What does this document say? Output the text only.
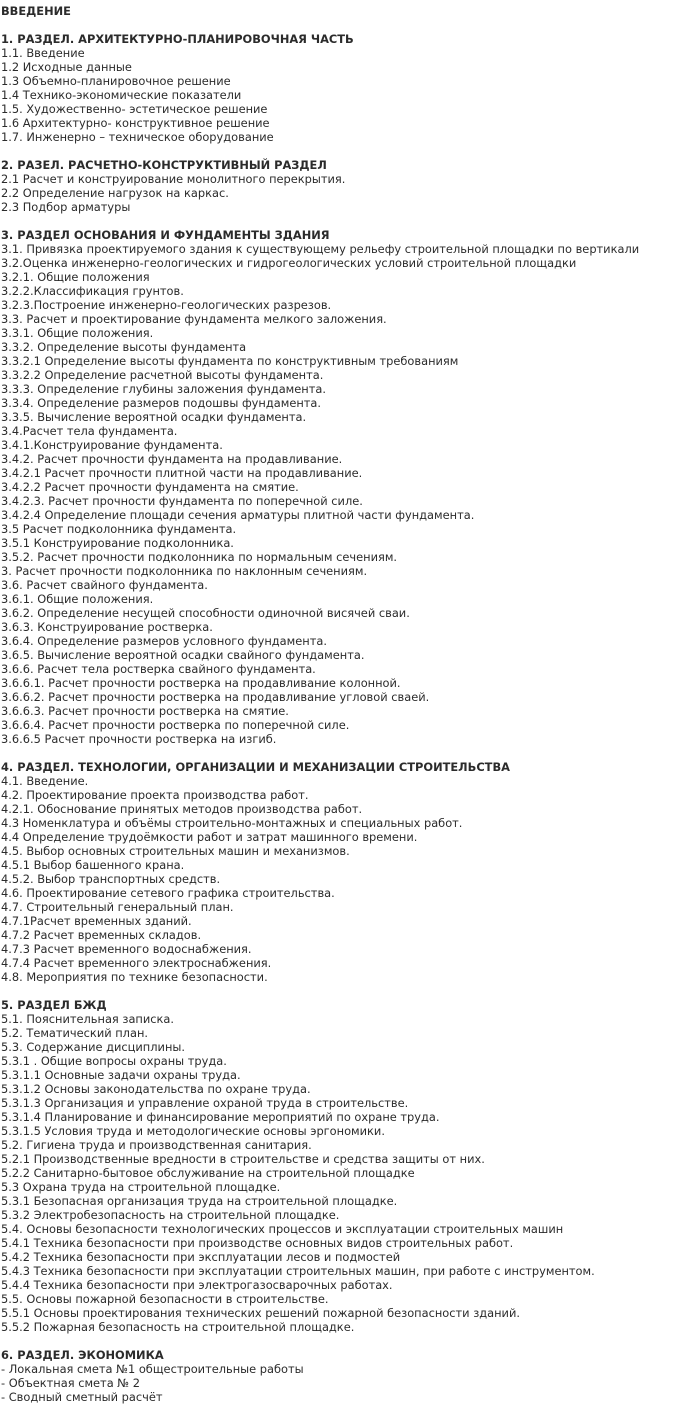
ВВЕДЕНИЕ
1. РАЗДЕЛ. АРХИТЕКТУРНО-ПЛАНИРОВОЧНАЯ ЧАСТЬ
1.1. Введение
1.2 Исходные данные
1.3 Объемно-планировочное решение
1.4 Технико-экономические показатели
1.5. Художественно- эстетическое решение
1.6 Архитектурно- конструктивное решение
1.7. Инженерно – техническое оборудование
2. РАЗЕЛ. РАСЧЕТНО-КОНСТРУКТИВНЫЙ РАЗДЕЛ
2.1 Расчет и конструирование монолитного перекрытия.
2.2 Определение нагрузок на каркас.
2.3 Подбор арматуры
3. РАЗДЕЛ ОСНОВАНИЯ И ФУНДАМЕНТЫ ЗДАНИЯ
3.1. Привязка проектируемого здания к существующему рельефу строительной площадки по вертикали
3.2.Оценка инженерно-геологических и гидрогеологических условий строительной площадки
3.2.1. Общие положения
3.2.2.Классификация грунтов.
3.2.3.Построение инженерно-геологических разрезов.
3.3. Расчет и проектирование фундамента мелкого заложения.
3.3.1. Общие положения.
3.3.2. Определение высоты фундамента
3.3.2.1 Определение высоты фундамента по конструктивным требованиям
3.3.2.2 Определение расчетной высоты фундамента.
3.3.3. Определение глубины заложения фундамента.
3.3.4. Определение размеров подошвы фундамента.
3.3.5. Вычисление вероятной осадки фундамента.
3.4.Расчет тела фундамента.
3.4.1.Конструирование фундамента.
3.4.2. Расчет прочности фундамента на продавливание.
3.4.2.1 Расчет прочности плитной части на продавливание.
3.4.2.2 Расчет прочности фундамента на смятие.
3.4.2.3. Расчет прочности фундамента по поперечной силе.
3.4.2.4 Определение площади сечения арматуры плитной части фундамента.
3.5 Расчет подколонника фундамента.
3.5.1 Конструирование подколонника.
3.5.2. Расчет прочности подколонника по нормальным сечениям.
3. Расчет прочности подколонника по наклонным сечениям.
3.6. Расчет свайного фундамента.
3.6.1. Общие положения.
3.6.2. Определение несущей способности одиночной висячей сваи.
3.6.3. Конструирование ростверка.
3.6.4. Определение размеров условного фундамента.
3.6.5. Вычисление вероятной осадки свайного фундамента.
3.6.6. Расчет тела ростверка свайного фундамента.
3.6.6.1. Расчет прочности ростверка на продавливание колонной.
3.6.6.2. Расчет прочности ростверка на продавливание угловой сваей.
3.6.6.3. Расчет прочности ростверка на смятие.
3.6.6.4. Расчет прочности ростверка по поперечной силе.
3.6.6.5 Расчет прочности ростверка на изгиб.
4. РАЗДЕЛ. ТЕХНОЛОГИИ, ОРГАНИЗАЦИИ И МЕХАНИЗАЦИИ СТРОИТЕЛЬСТВА
4.1. Введение.
4.2. Проектирование проекта производства работ.
4.2.1. Обоснование принятых методов производства работ.
4.3 Номенклатура и объёмы строительно-монтажных и специальных работ.
4.4 Определение трудоёмкости работ и затрат машинного времени.
4.5. Выбор основных строительных машин и механизмов.
4.5.1 Выбор башенного крана.
4.5.2. Выбор транспортных средств.
4.6. Проектирование сетевого графика строительства.
4.7. Строительный генеральный план.
4.7.1Расчет временных зданий.
4.7.2 Расчет временных складов.
4.7.3 Расчет временного водоснабжения.
4.7.4 Расчет временного электроснабжения.
4.8. Мероприятия по технике безопасности.
5. РАЗДЕЛ БЖД
5.1. Пояснительная записка.
5.2. Тематический план.
5.3. Содержание дисциплины.
5.3.1 . Общие вопросы охраны труда.
5.3.1.1 Основные задачи охраны труда.
5.3.1.2 Основы законодательства по охране труда.
5.3.1.3 Организация и управление охраной труда в строительстве.
5.3.1.4 Планирование и финансирование мероприятий по охране труда.
5.3.1.5 Условия труда и методологические основы эргономики.
5.2. Гигиена труда и производственная санитария.
5.2.1 Производственные вредности в строительстве и средства защиты от них.
5.2.2 Санитарно-бытовое обслуживание на строительной площадке
5.3 Охрана труда на строительной площадке.
5.3.1 Безопасная организация труда на строительной площадке.
5.3.2 Электробезопасность на строительной площадке.
5.4. Основы безопасности технологических процессов и эксплуатации строительных машин
5.4.1 Техника безопасности при производстве основных видов строительных работ.
5.4.2 Техника безопасности при эксплуатации лесов и подмостей
5.4.3 Техника безопасности при эксплуатации строительных машин, при работе с инструментом.
5.4.4 Техника безопасности при электрогазосварочных работах.
5.5. Основы пожарной безопасности в строительстве.
5.5.1 Основы проектирования технических решений пожарной безопасности зданий.
5.5.2 Пожарная безопасность на строительной площадке.
6. РАЗДЕЛ. ЭКОНОМИКА
- Локальная смета №1 общестроительные работы
- Объектная смета № 2
- Сводный сметный расчёт
